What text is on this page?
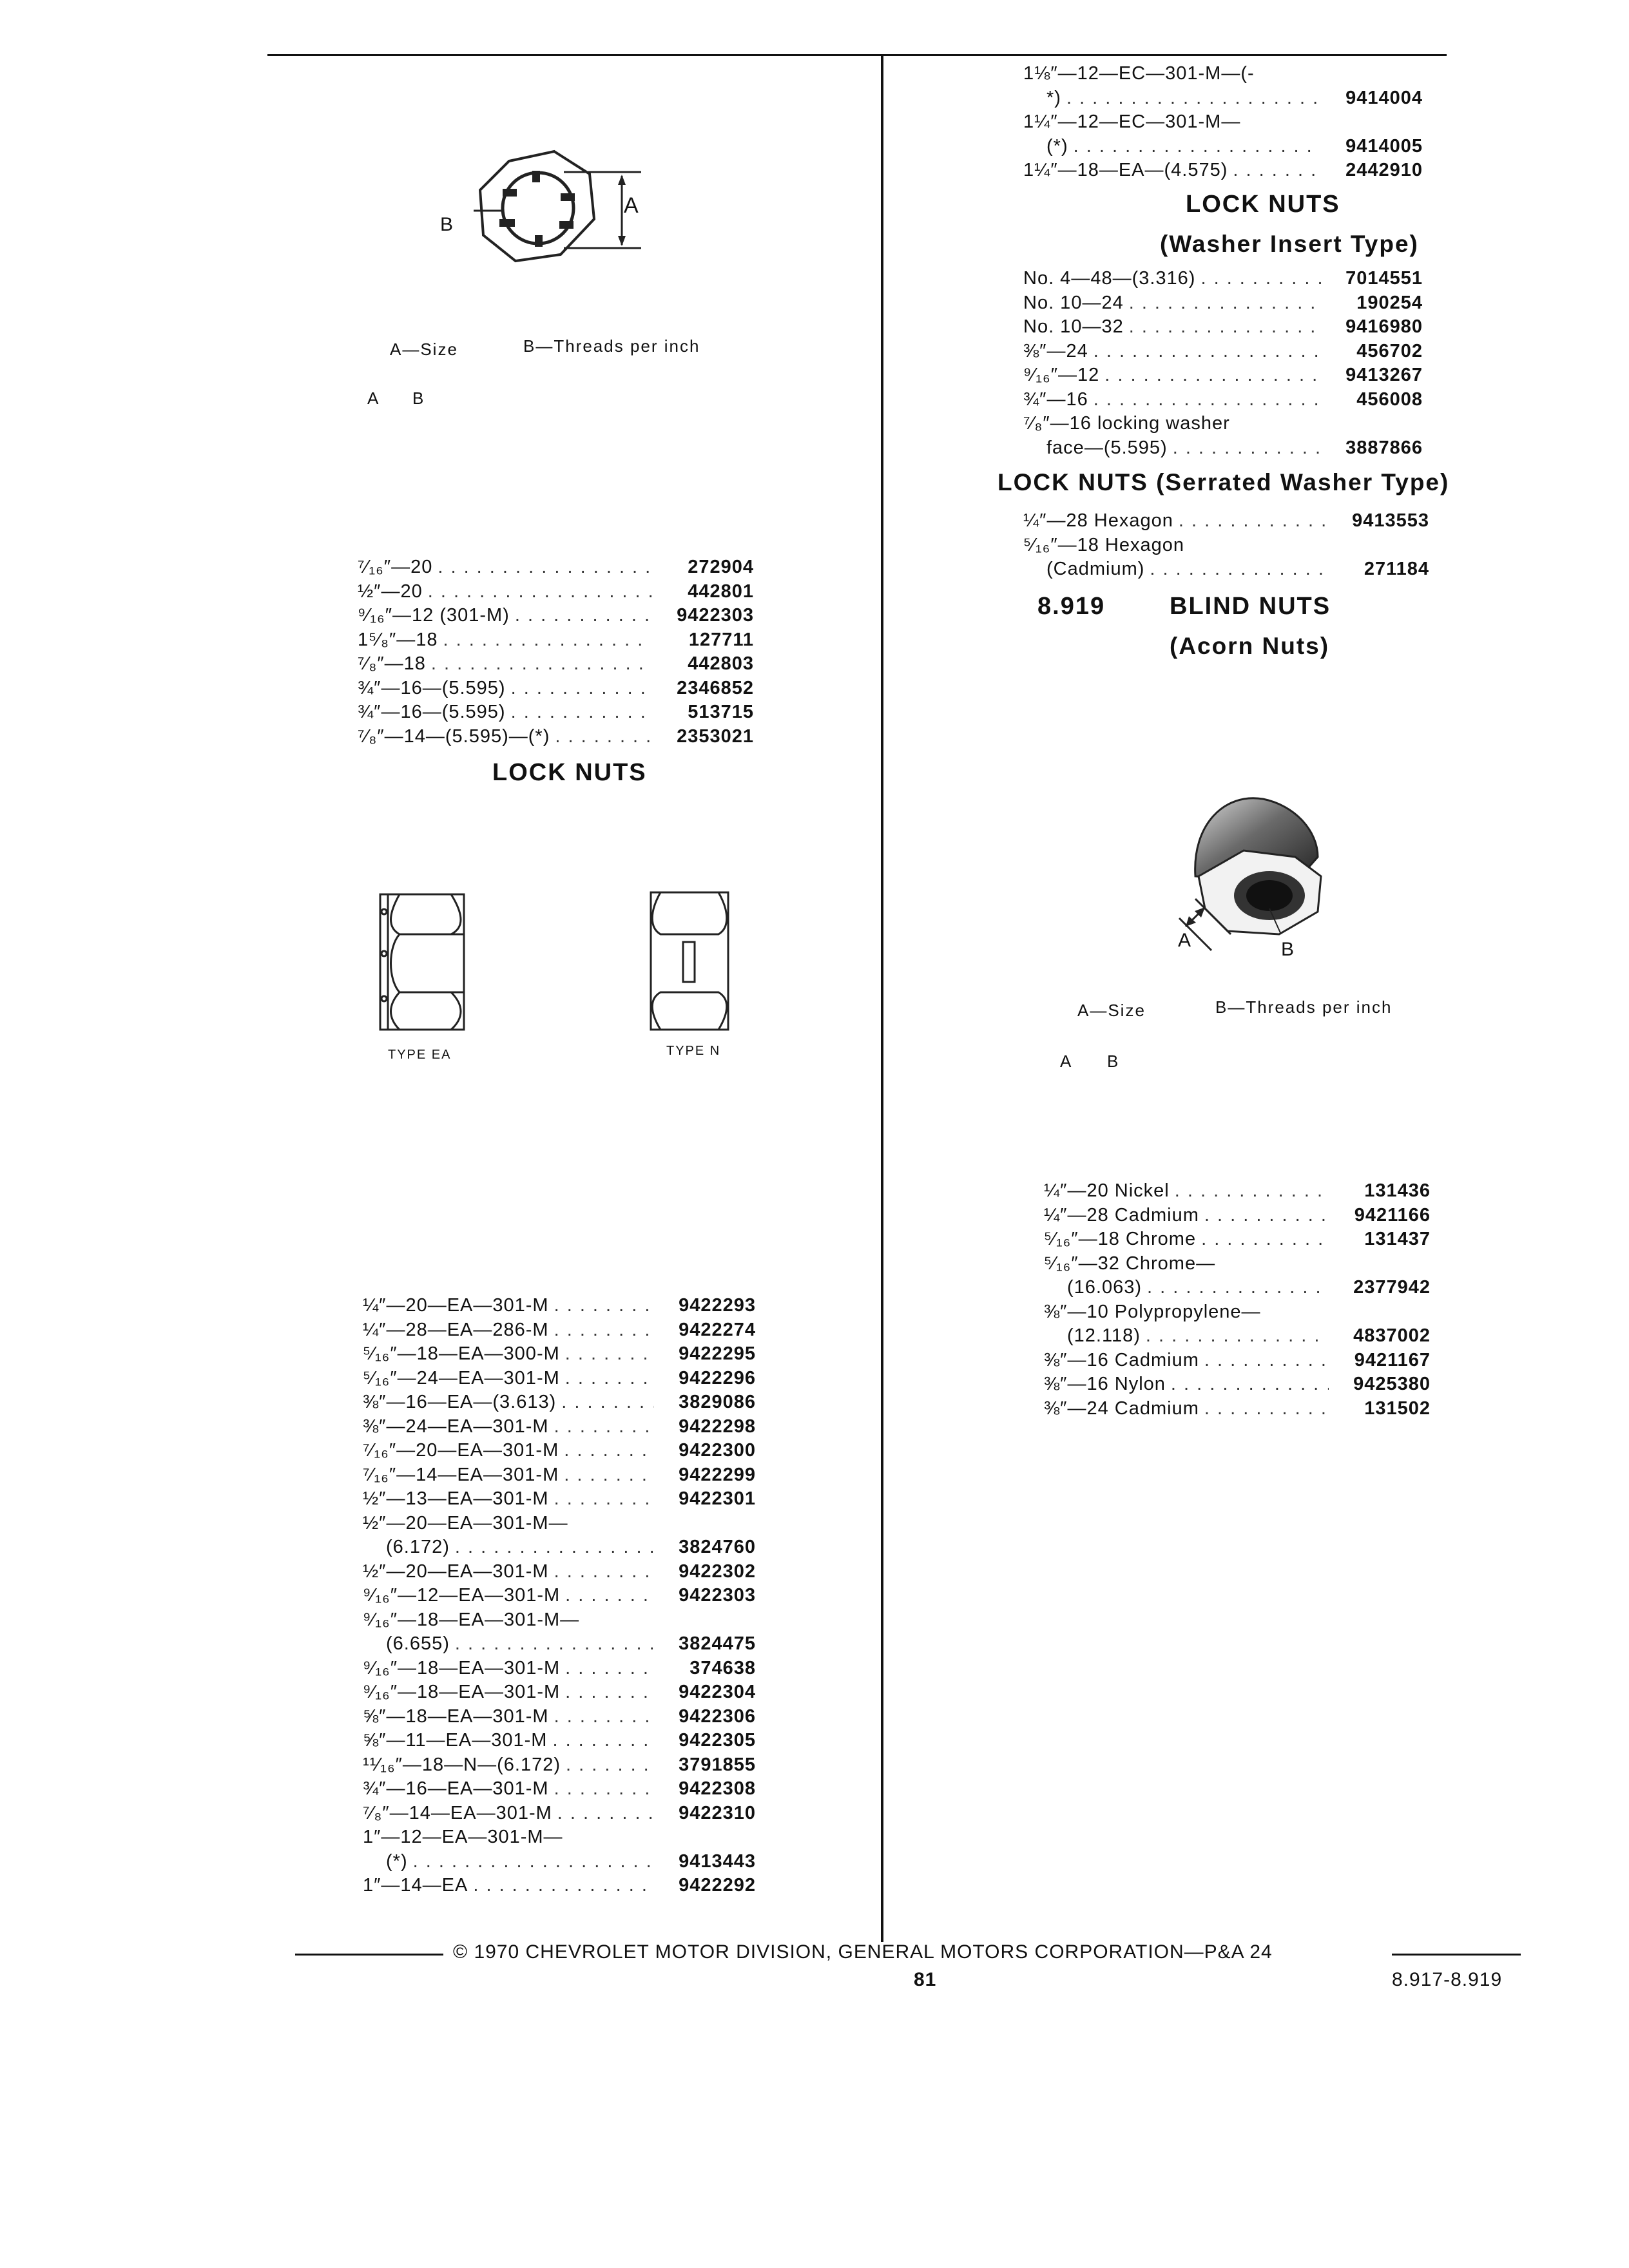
A
B
A—Size	B—Threads per inch
A B
⁷⁄₁₆″—20 . . .	272904
½″—20 . . .	442801
⁹⁄₁₆″—12 (301-M) . . .	9422303
1⁵⁄₈″—18 . . .	127711
⁷⁄₈″—18 . . .	442803
¾″—16—(5.595) . . .	2346852
¾″—16—(5.595) . . .	513715
⁷⁄₈″—14—(5.595)—(*) . . .	2353021
LOCK NUTS
TYPE EA	TYPE N
¼″—20—EA—301-M . . .	9422293
¼″—28—EA—286-M . . .	9422274
⁵⁄₁₆″—18—EA—300-M . . .	9422295
⁵⁄₁₆″—24—EA—301-M . . .	9422296
⅜″—16—EA—(3.613) . . .	3829086
⅜″—24—EA—301-M . . .	9422298
⁷⁄₁₆″—20—EA—301-M . . .	9422300
⁷⁄₁₆″—14—EA—301-M . . .	9422299
½″—13—EA—301-M . . .	9422301
½″—20—EA—301-M—
(6.172) . . .	3824760
½″—20—EA—301-M . . .	9422302
⁹⁄₁₆″—12—EA—301-M . . .	9422303
⁹⁄₁₆″—18—EA—301-M—
(6.655) . . .	3824475
⁹⁄₁₆″—18—EA—301-M . . .	374638
⁹⁄₁₆″—18—EA—301-M . . .	9422304
⅝″—18—EA—301-M . . .	9422306
⅝″—11—EA—301-M . . .	9422305
¹¹⁄₁₆″—18—N—(6.172) . . .	3791855
¾″—16—EA—301-M . . .	9422308
⁷⁄₈″—14—EA—301-M . . .	9422310
1″—12—EA—301-M—
(*) . . .	9413443
1″—14—EA . . .	9422292
1⅛″—12—EC—301-M—(-
*) . . .	9414004
1¼″—12—EC—301-M—
(*) . . .	9414005
1¼″—18—EA—(4.575) . . .	2442910
LOCK NUTS
(Washer Insert Type)
No. 4—48—(3.316) . . .	7014551
No. 10—24 . . .	190254
No. 10—32 . . .	9416980
⅜″—24 . . .	456702
⁹⁄₁₆″—12 . . .	9413267
¾″—16 . . .	456008
⁷⁄₈″—16 locking washer
face—(5.595) . . .	3887866
LOCK NUTS (Serrated Washer Type)
¼″—28 Hexagon . . .	9413553
⁵⁄₁₆″—18 Hexagon
(Cadmium) . . .	271184
8.919	BLIND NUTS
(Acorn Nuts)
A	B
A—Size	B—Threads per inch
A B
¼″—20 Nickel . . .	131436
¼″—28 Cadmium . . .	9421166
⁵⁄₁₆″—18 Chrome . . .	131437
⁵⁄₁₆″—32 Chrome—
(16.063) . . .	2377942
⅜″—10 Polypropylene—
(12.118) . . .	4837002
⅜″—16 Cadmium . . .	9421167
⅜″—16 Nylon . . .	9425380
⅜″—24 Cadmium . . .	131502
© 1970 CHEVROLET MOTOR DIVISION, GENERAL MOTORS CORPORATION—P&A 24
81	8.917-8.919
